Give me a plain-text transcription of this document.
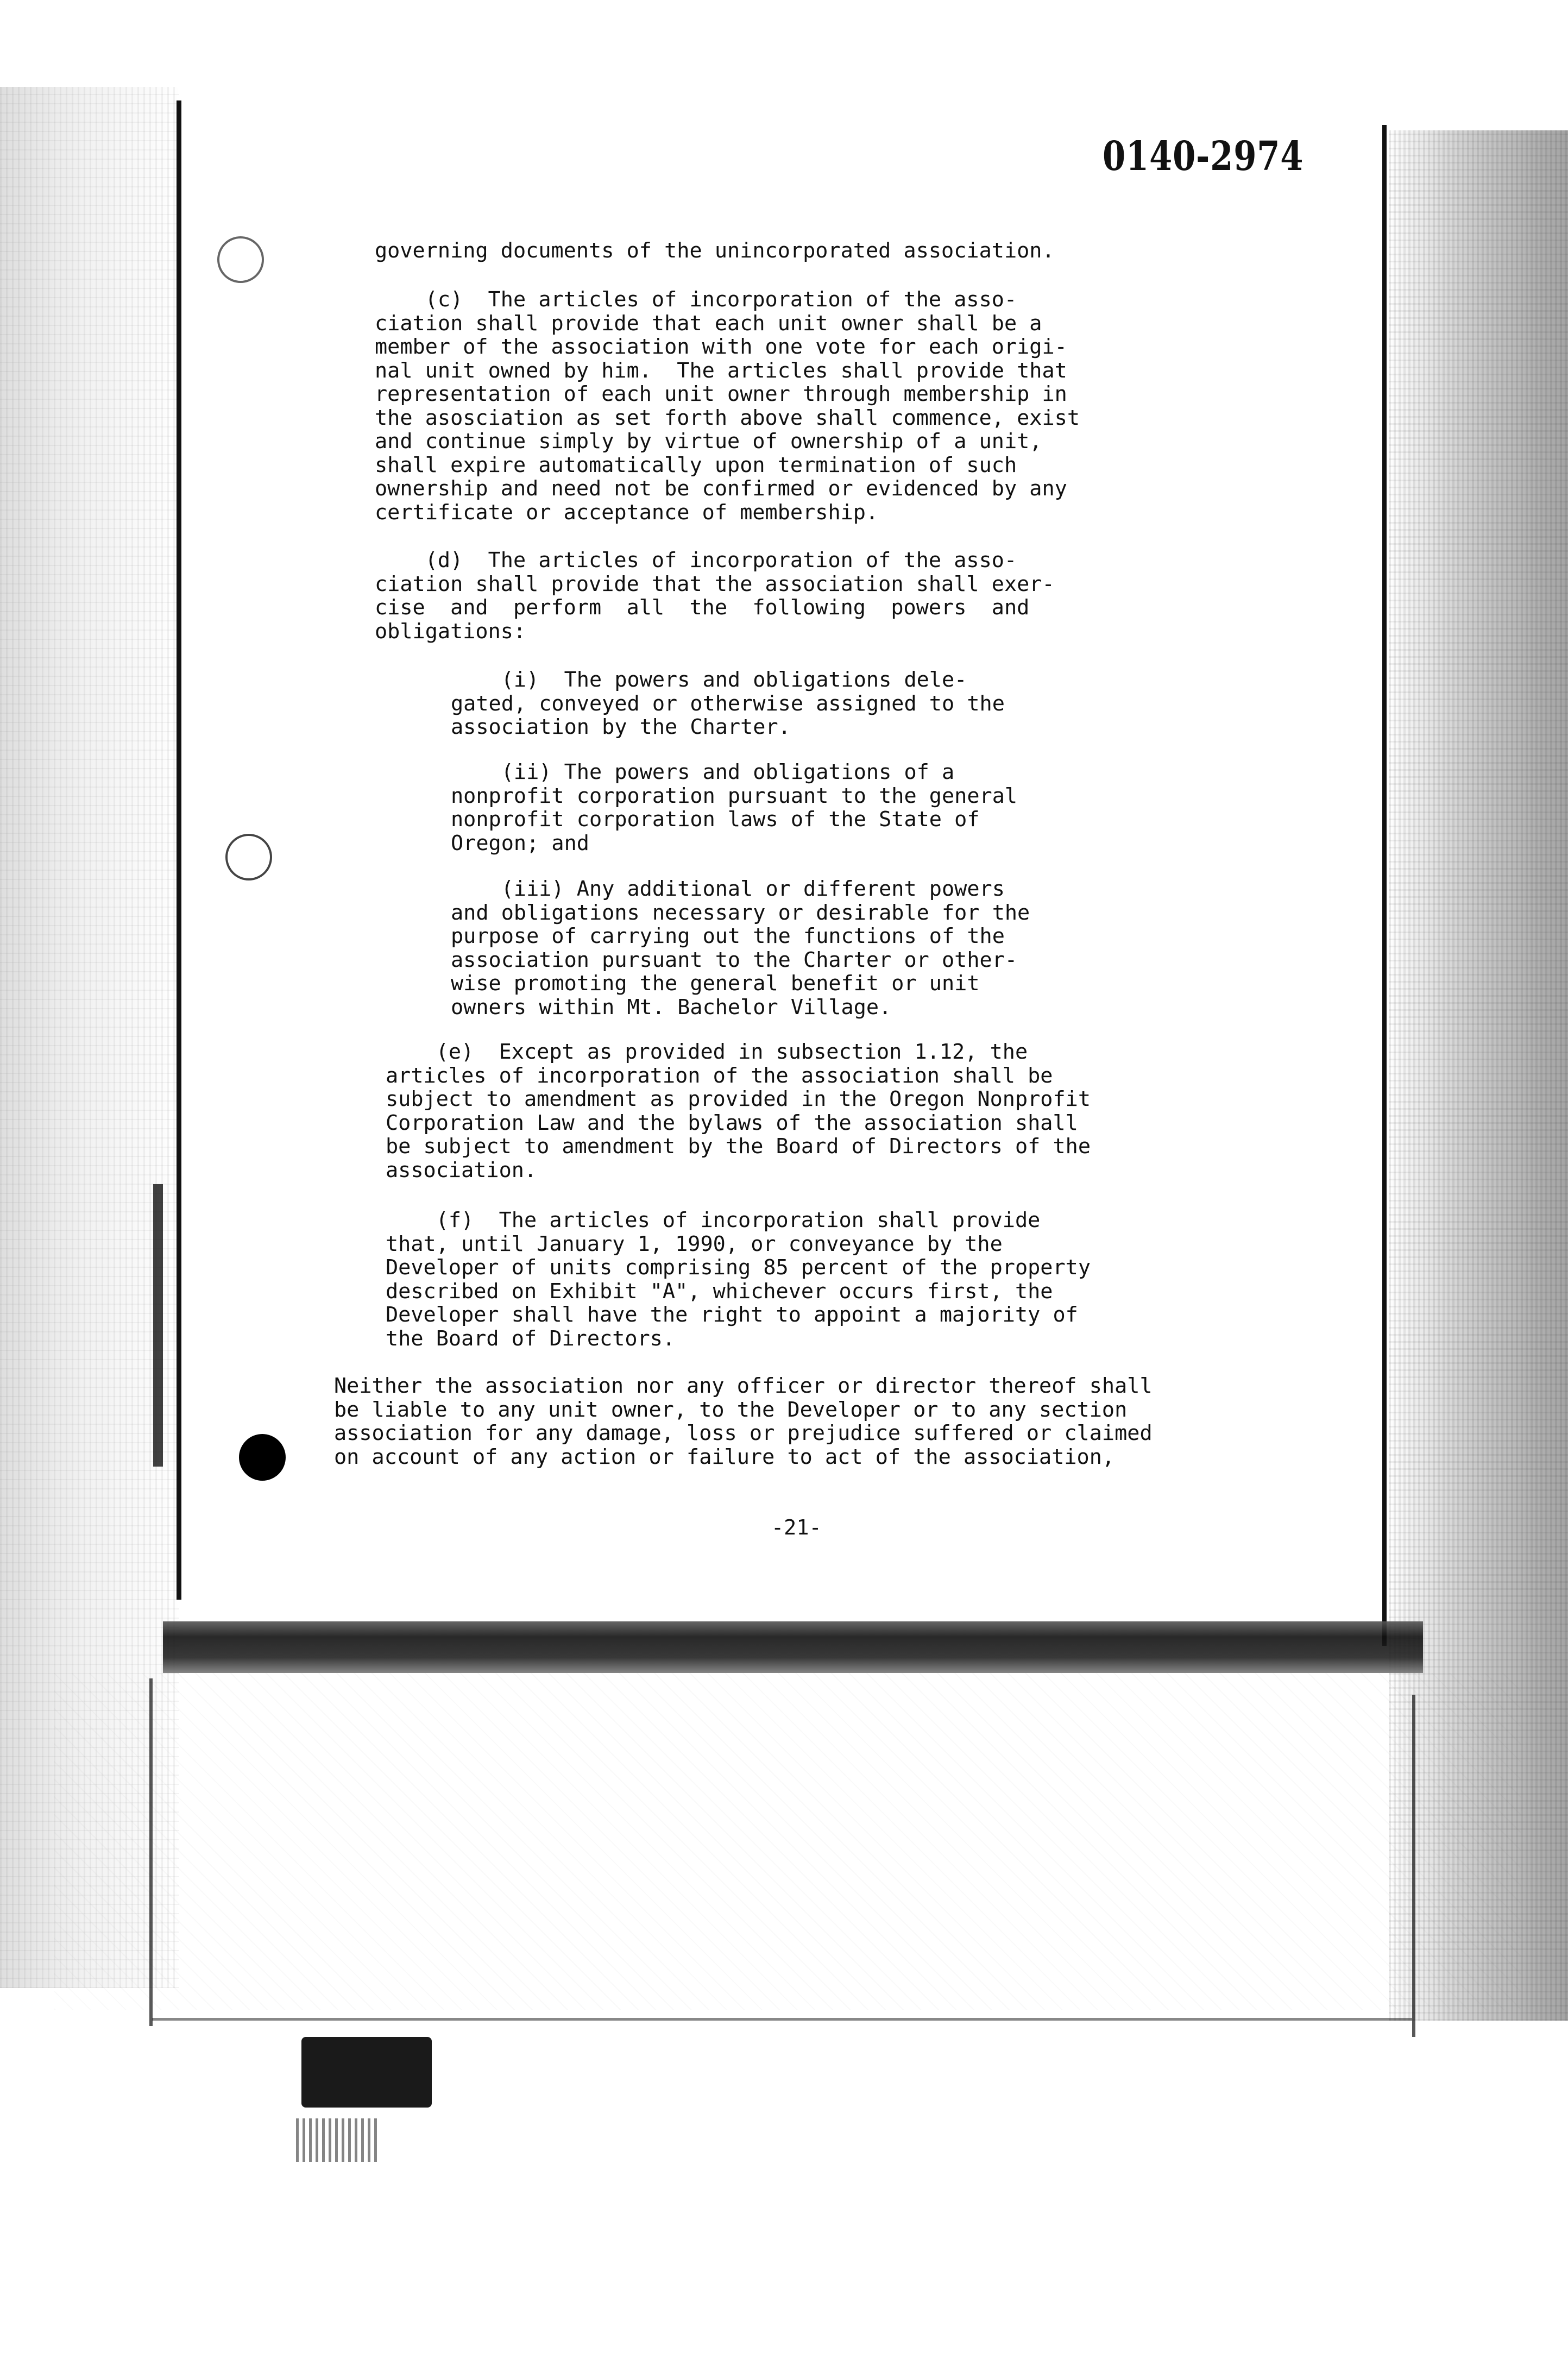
0140-2974
governing documents of the unincorporated association.
(c)  The articles of incorporation of the asso-
ciation shall provide that each unit owner shall be a
member of the association with one vote for each origi-
nal unit owned by him.  The articles shall provide that
representation of each unit owner through membership in
the asosciation as set forth above shall commence, exist
and continue simply by virtue of ownership of a unit,
shall expire automatically upon termination of such
ownership and need not be confirmed or evidenced by any
certificate or acceptance of membership.
(d)  The articles of incorporation of the asso-
ciation shall provide that the association shall exer-
cise  and  perform  all  the  following  powers  and
obligations:
(i)  The powers and obligations dele-
gated, conveyed or otherwise assigned to the
association by the Charter.
(ii) The powers and obligations of a
nonprofit corporation pursuant to the general
nonprofit corporation laws of the State of
Oregon; and
(iii) Any additional or different powers
and obligations necessary or desirable for the
purpose of carrying out the functions of the
association pursuant to the Charter or other-
wise promoting the general benefit or unit
owners within Mt. Bachelor Village.
(e)  Except as provided in subsection 1.12, the
articles of incorporation of the association shall be
subject to amendment as provided in the Oregon Nonprofit
Corporation Law and the bylaws of the association shall
be subject to amendment by the Board of Directors of the
association.
(f)  The articles of incorporation shall provide
that, until January 1, 1990, or conveyance by the
Developer of units comprising 85 percent of the property
described on Exhibit "A", whichever occurs first, the
Developer shall have the right to appoint a majority of
the Board of Directors.
Neither the association nor any officer or director thereof shall
be liable to any unit owner, to the Developer or to any section
association for any damage, loss or prejudice suffered or claimed
on account of any action or failure to act of the association,
-21-
